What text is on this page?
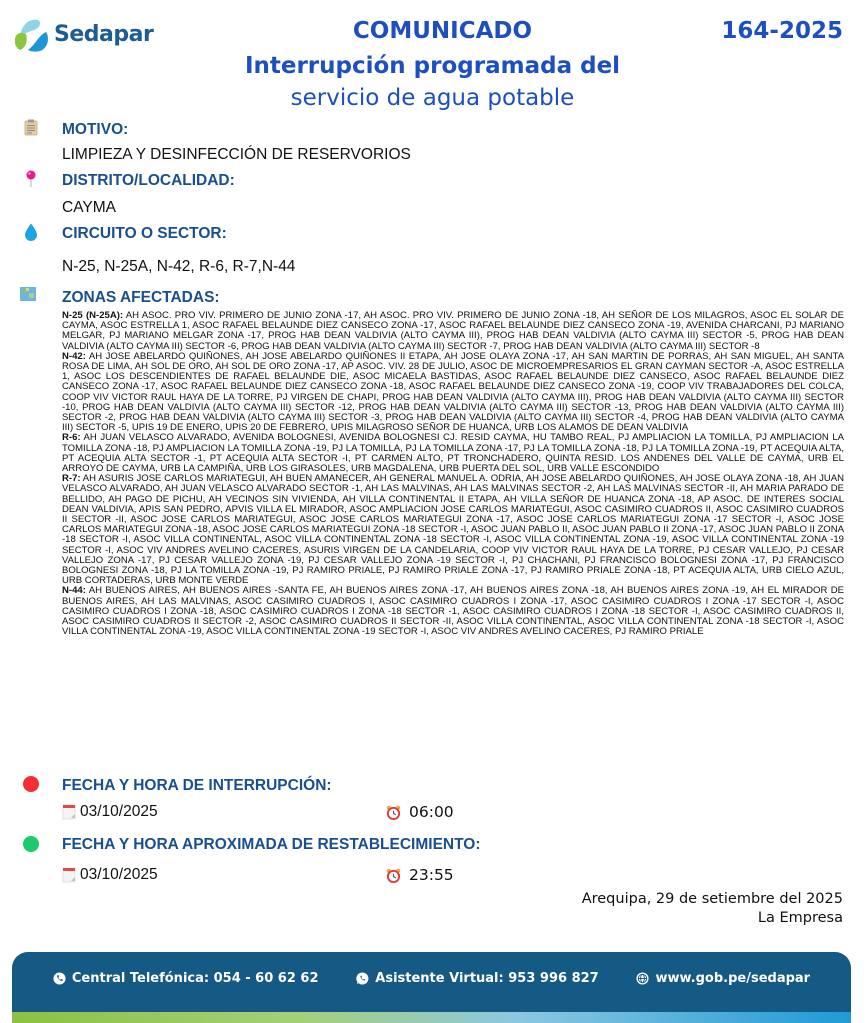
Sedapar	COMUNICADO	164-2025
Interrupción programada del
servicio de agua potable
MOTIVO:
LIMPIEZA Y DESINFECCIÓN DE RESERVORIOS
DISTRITO/LOCALIDAD:
CAYMA
CIRCUITO O SECTOR:
N-25, N-25A, N-42, R-6, R-7,N-44
ZONAS AFECTADAS:

N-25 (N-25A): AH ASOC. PRO VIV. PRIMERO DE JUNIO ZONA -17, AH ASOC. PRO VIV. PRIMERO DE JUNIO ZONA -18, AH SEÑOR DE LOS MILAGROS, ASOC EL SOLAR DE CAYMA, ASOC ESTRELLA 1, ASOC RAFAEL BELAUNDE DIEZ CANSECO ZONA -17, ASOC RAFAEL BELAUNDE DIEZ CANSECO ZONA -19, AVENIDA CHARCANI, PJ MARIANO MELGAR, PJ MARIANO MELGAR ZONA -17, PROG HAB DEAN VALDIVIA (ALTO CAYMA III), PROG HAB DEAN VALDIVIA (ALTO CAYMA III) SECTOR -5, PROG HAB DEAN VALDIVIA (ALTO CAYMA III) SECTOR -6, PROG HAB DEAN VALDIVIA (ALTO CAYMA III) SECTOR -7, PROG HAB DEAN VALDIVIA (ALTO CAYMA III) SECTOR -8

N-42: AH JOSE ABELARDO QUIÑONES, AH JOSE ABELARDO QUIÑONES II ETAPA, AH JOSE OLAYA ZONA -17, AH SAN MARTIN DE PORRAS, AH SAN MIGUEL, AH SANTA ROSA DE LIMA, AH SOL DE ORO, AH SOL DE ORO ZONA -17, AP ASOC. VIV. 28 DE JULIO, ASOC DE MICROEMPRESARIOS EL GRAN CAYMAN SECTOR -A, ASOC ESTRELLA 1, ASOC LOS DESCENDIENTES DE RAFAEL BELAUNDE DIE, ASOC MICAELA BASTIDAS, ASOC RAFAEL BELAUNDE DIEZ CANSECO, ASOC RAFAEL BELAUNDE DIEZ CANSECO ZONA -17, ASOC RAFAEL BELAUNDE DIEZ CANSECO ZONA -18, ASOC RAFAEL BELAUNDE DIEZ CANSECO ZONA -19, COOP VIV TRABAJADORES DEL COLCA, COOP VIV VICTOR RAUL HAYA DE LA TORRE, PJ VIRGEN DE CHAPI, PROG HAB DEAN VALDIVIA (ALTO CAYMA III), PROG HAB DEAN VALDIVIA (ALTO CAYMA III) SECTOR -10, PROG HAB DEAN VALDIVIA (ALTO CAYMA III) SECTOR -12, PROG HAB DEAN VALDIVIA (ALTO CAYMA III) SECTOR -13, PROG HAB DEAN VALDIVIA (ALTO CAYMA III) SECTOR -2, PROG HAB DEAN VALDIVIA (ALTO CAYMA III) SECTOR -3, PROG HAB DEAN VALDIVIA (ALTO CAYMA III) SECTOR -4, PROG HAB DEAN VALDIVIA (ALTO CAYMA III) SECTOR -5, UPIS 19 DE ENERO, UPIS 20 DE FEBRERO, UPIS MILAGROSO SEÑOR DE HUANCA, URB LOS ALAMOS DE DEAN VALDIVIA

R-6: AH JUAN VELASCO ALVARADO, AVENIDA BOLOGNESI, AVENIDA BOLOGNESI CJ. RESID CAYMA, HU TAMBO REAL, PJ AMPLIACION LA TOMILLA, PJ AMPLIACION LA TOMILLA ZONA -18, PJ AMPLIACION LA TOMILLA ZONA -19, PJ LA TOMILLA, PJ LA TOMILLA ZONA -17, PJ LA TOMILLA ZONA -18, PJ LA TOMILLA ZONA -19, PT ACEQUIA ALTA, PT ACEQUIA ALTA SECTOR -1, PT ACEQUIA ALTA SECTOR -I, PT CARMEN ALTO, PT TRONCHADERO, QUINTA RESID. LOS ANDENES DEL VALLE DE CAYMA, URB EL ARROYO DE CAYMA, URB LA CAMPIÑA, URB LOS GIRASOLES, URB MAGDALENA, URB PUERTA DEL SOL, URB VALLE ESCONDIDO

R-7: AH ASURIS JOSE CARLOS MARIATEGUI, AH BUEN AMANECER, AH GENERAL MANUEL A. ODRIA, AH JOSE ABELARDO QUIÑONES, AH JOSE OLAYA ZONA -18, AH JUAN VELASCO ALVARADO, AH JUAN VELASCO ALVARADO SECTOR -1, AH LAS MALVINAS, AH LAS MALVINAS SECTOR -2, AH LAS MALVINAS SECTOR -II, AH MARIA PARADO DE BELLIDO, AH PAGO DE PICHU, AH VECINOS SIN VIVIENDA, AH VILLA CONTINENTAL II ETAPA, AH VILLA SEÑOR DE HUANCA ZONA -18, AP ASOC. DE INTERES SOCIAL DEAN VALDIVIA, APIS SAN PEDRO, APVIS VILLA EL MIRADOR, ASOC AMPLIACION JOSE CARLOS MARIATEGUI, ASOC CASIMIRO CUADROS II, ASOC CASIMIRO CUADROS II SECTOR -II, ASOC JOSE CARLOS MARIATEGUI, ASOC JOSE CARLOS MARIATEGUI ZONA -17, ASOC JOSE CARLOS MARIATEGUI ZONA -17 SECTOR -I, ASOC JOSE CARLOS MARIATEGUI ZONA -18, ASOC JOSE CARLOS MARIATEGUI ZONA -18 SECTOR -I, ASOC JUAN PABLO II, ASOC JUAN PABLO II ZONA -17, ASOC JUAN PABLO II ZONA -18 SECTOR -I, ASOC VILLA CONTINENTAL, ASOC VILLA CONTINENTAL ZONA -18 SECTOR -I, ASOC VILLA CONTINENTAL ZONA -19, ASOC VILLA CONTINENTAL ZONA -19 SECTOR -I, ASOC VIV ANDRES AVELINO CACERES, ASURIS VIRGEN DE LA CANDELARIA, COOP VIV VICTOR RAUL HAYA DE LA TORRE, PJ CESAR VALLEJO, PJ CESAR VALLEJO ZONA -17, PJ CESAR VALLEJO ZONA -19, PJ CESAR VALLEJO ZONA -19 SECTOR -I, PJ CHACHANI, PJ FRANCISCO BOLOGNESI ZONA -17, PJ FRANCISCO BOLOGNESI ZONA -18, PJ LA TOMILLA ZONA -19, PJ RAMIRO PRIALE, PJ RAMIRO PRIALE ZONA -17, PJ RAMIRO PRIALE ZONA -18, PT ACEQUIA ALTA, URB CIELO AZUL, URB CORTADERAS, URB MONTE VERDE

N-44: AH BUENOS AIRES, AH BUENOS AIRES -SANTA FE, AH BUENOS AIRES ZONA -17, AH BUENOS AIRES ZONA -18, AH BUENOS AIRES ZONA -19, AH EL MIRADOR DE BUENOS AIRES, AH LAS MALVINAS, ASOC CASIMIRO CUADROS I, ASOC CASIMIRO CUADROS I ZONA -17, ASOC CASIMIRO CUADROS I ZONA -17 SECTOR -I, ASOC CASIMIRO CUADROS I ZONA -18, ASOC CASIMIRO CUADROS I ZONA -18 SECTOR -1, ASOC CASIMIRO CUADROS I ZONA -18 SECTOR -I, ASOC CASIMIRO CUADROS II, ASOC CASIMIRO CUADROS II SECTOR -2, ASOC CASIMIRO CUADROS II SECTOR -II, ASOC VILLA CONTINENTAL, ASOC VILLA CONTINENTAL ZONA -18 SECTOR -I, ASOC VILLA CONTINENTAL ZONA -19, ASOC VILLA CONTINENTAL ZONA -19 SECTOR -I, ASOC VIV ANDRES AVELINO CACERES, PJ RAMIRO PRIALE

FECHA Y HORA DE INTERRUPCIÓN:
03/10/2025	06:00
FECHA Y HORA APROXIMADA DE RESTABLECIMIENTO:
03/10/2025	23:55
Arequipa, 29 de setiembre del 2025
La Empresa
Central Telefónica: 054 - 60 62 62	Asistente Virtual: 953 996 827	www.gob.pe/sedapar
